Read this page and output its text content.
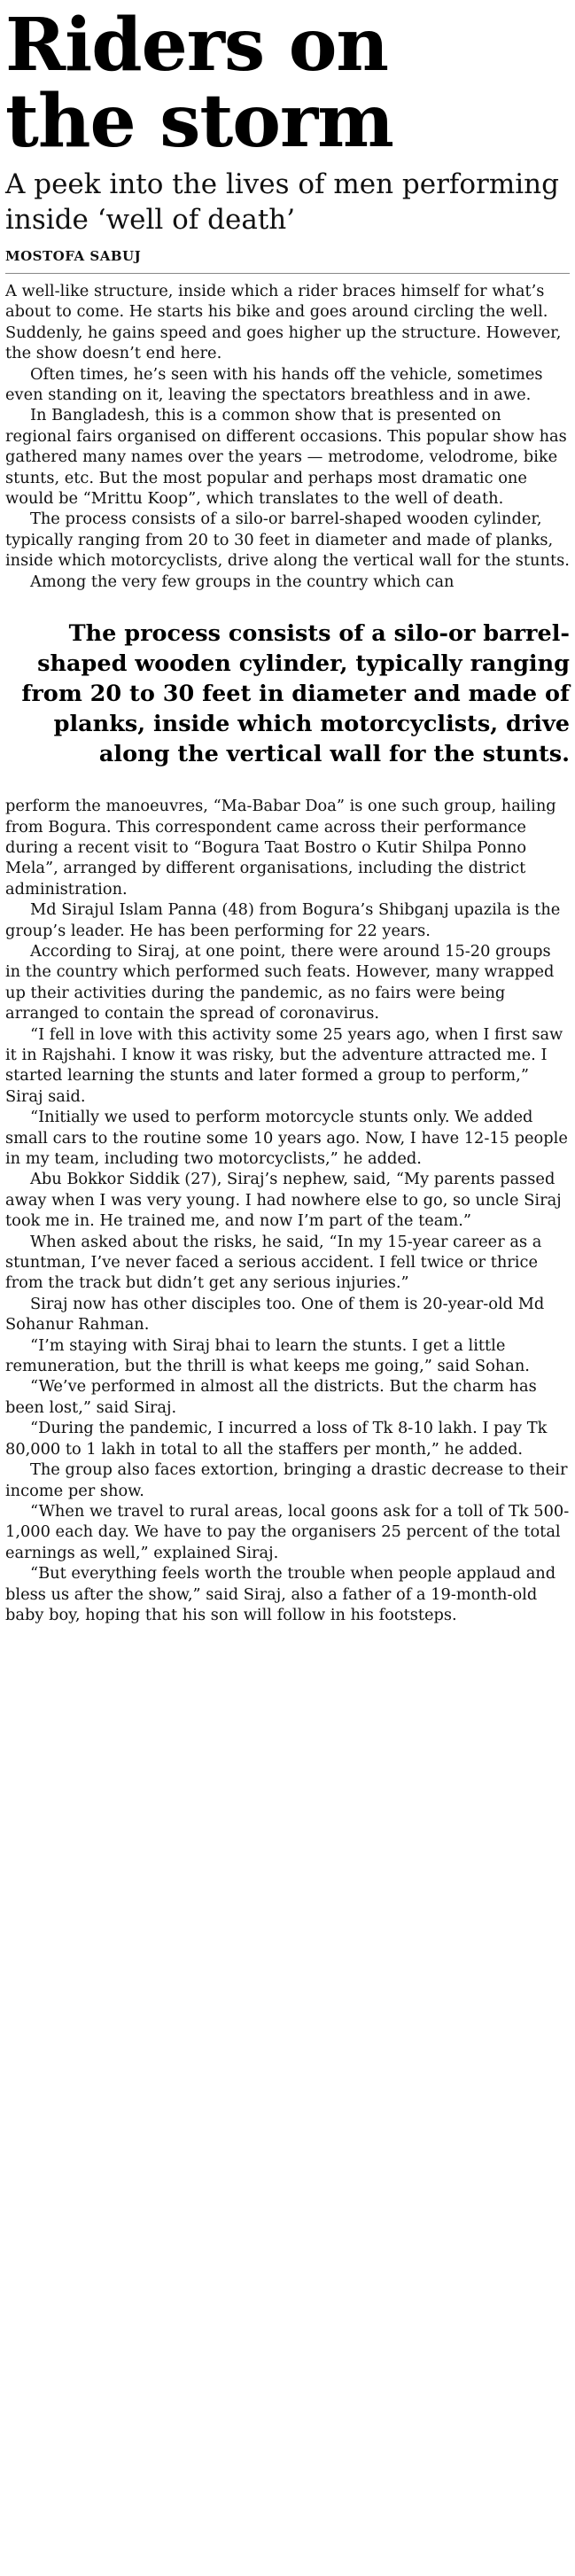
Riders on
the storm
A peek into the lives of men performing inside ‘well of death’
MOSTOFA SABUJ

A well-like structure, inside which a rider braces himself for what’s about to come. He starts his bike and goes around circling the well. Suddenly, he gains speed and goes higher up the structure. However, the show doesn’t end here.

Often times, he’s seen with his hands off the vehicle, sometimes even standing on it, leaving the spectators breathless and in awe.

In Bangladesh, this is a common show that is presented on regional fairs organised on different occasions. This popular show has gathered many names over the years — metrodome, velodrome, bike stunts, etc. But the most popular and perhaps most dramatic one would be “Mrittu Koop”, which translates to the well of death.

The process consists of a silo-or barrel-shaped wooden cylinder, typically ranging from 20 to 30 feet in diameter and made of planks, inside which motorcyclists, drive along the vertical wall for the stunts.

Among the very few groups in the country which can

The process consists of a silo-or barrel-shaped wooden cylinder, typically ranging from 20 to 30 feet in diameter and made of planks, inside which motorcyclists, drive along the vertical wall for the stunts.

perform the manoeuvres, “Ma-Babar Doa” is one such group, hailing from Bogura. This correspondent came across their performance during a recent visit to “Bogura Taat Bostro o Kutir Shilpa Ponno Mela”, arranged by different organisations, including the district administration.

Md Sirajul Islam Panna (48) from Bogura’s Shibganj upazila is the group’s leader. He has been performing for 22 years.

According to Siraj, at one point, there were around 15-20 groups in the country which performed such feats. However, many wrapped up their activities during the pandemic, as no fairs were being arranged to contain the spread of coronavirus.

“I fell in love with this activity some 25 years ago, when I first saw it in Rajshahi. I know it was risky, but the adventure attracted me. I started learning the stunts and later formed a group to perform,” Siraj said.

“Initially we used to perform motorcycle stunts only. We added small cars to the routine some 10 years ago. Now, I have 12-15 people in my team, including two motorcyclists,” he added.

Abu Bokkor Siddik (27), Siraj’s nephew, said, “My parents passed away when I was very young. I had nowhere else to go, so uncle Siraj took me in. He trained me, and now I’m part of the team.”

When asked about the risks, he said, “In my 15-year career as a stuntman, I’ve never faced a serious accident. I fell twice or thrice from the track but didn’t get any serious injuries.”

Siraj now has other disciples too. One of them is 20-year-old Md Sohanur Rahman.

“I’m staying with Siraj bhai to learn the stunts. I get a little remuneration, but the thrill is what keeps me going,” said Sohan.

“We’ve performed in almost all the districts. But the charm has been lost,” said Siraj.

“During the pandemic, I incurred a loss of Tk 8-10 lakh. I pay Tk 80,000 to 1 lakh in total to all the staffers per month,” he added.

The group also faces extortion, bringing a drastic decrease to their income per show.

“When we travel to rural areas, local goons ask for a toll of Tk 500-1,000 each day. We have to pay the organisers 25 percent of the total earnings as well,” explained Siraj.

“But everything feels worth the trouble when people applaud and bless us after the show,” said Siraj, also a father of a 19-month-old baby boy, hoping that his son will follow in his footsteps.
